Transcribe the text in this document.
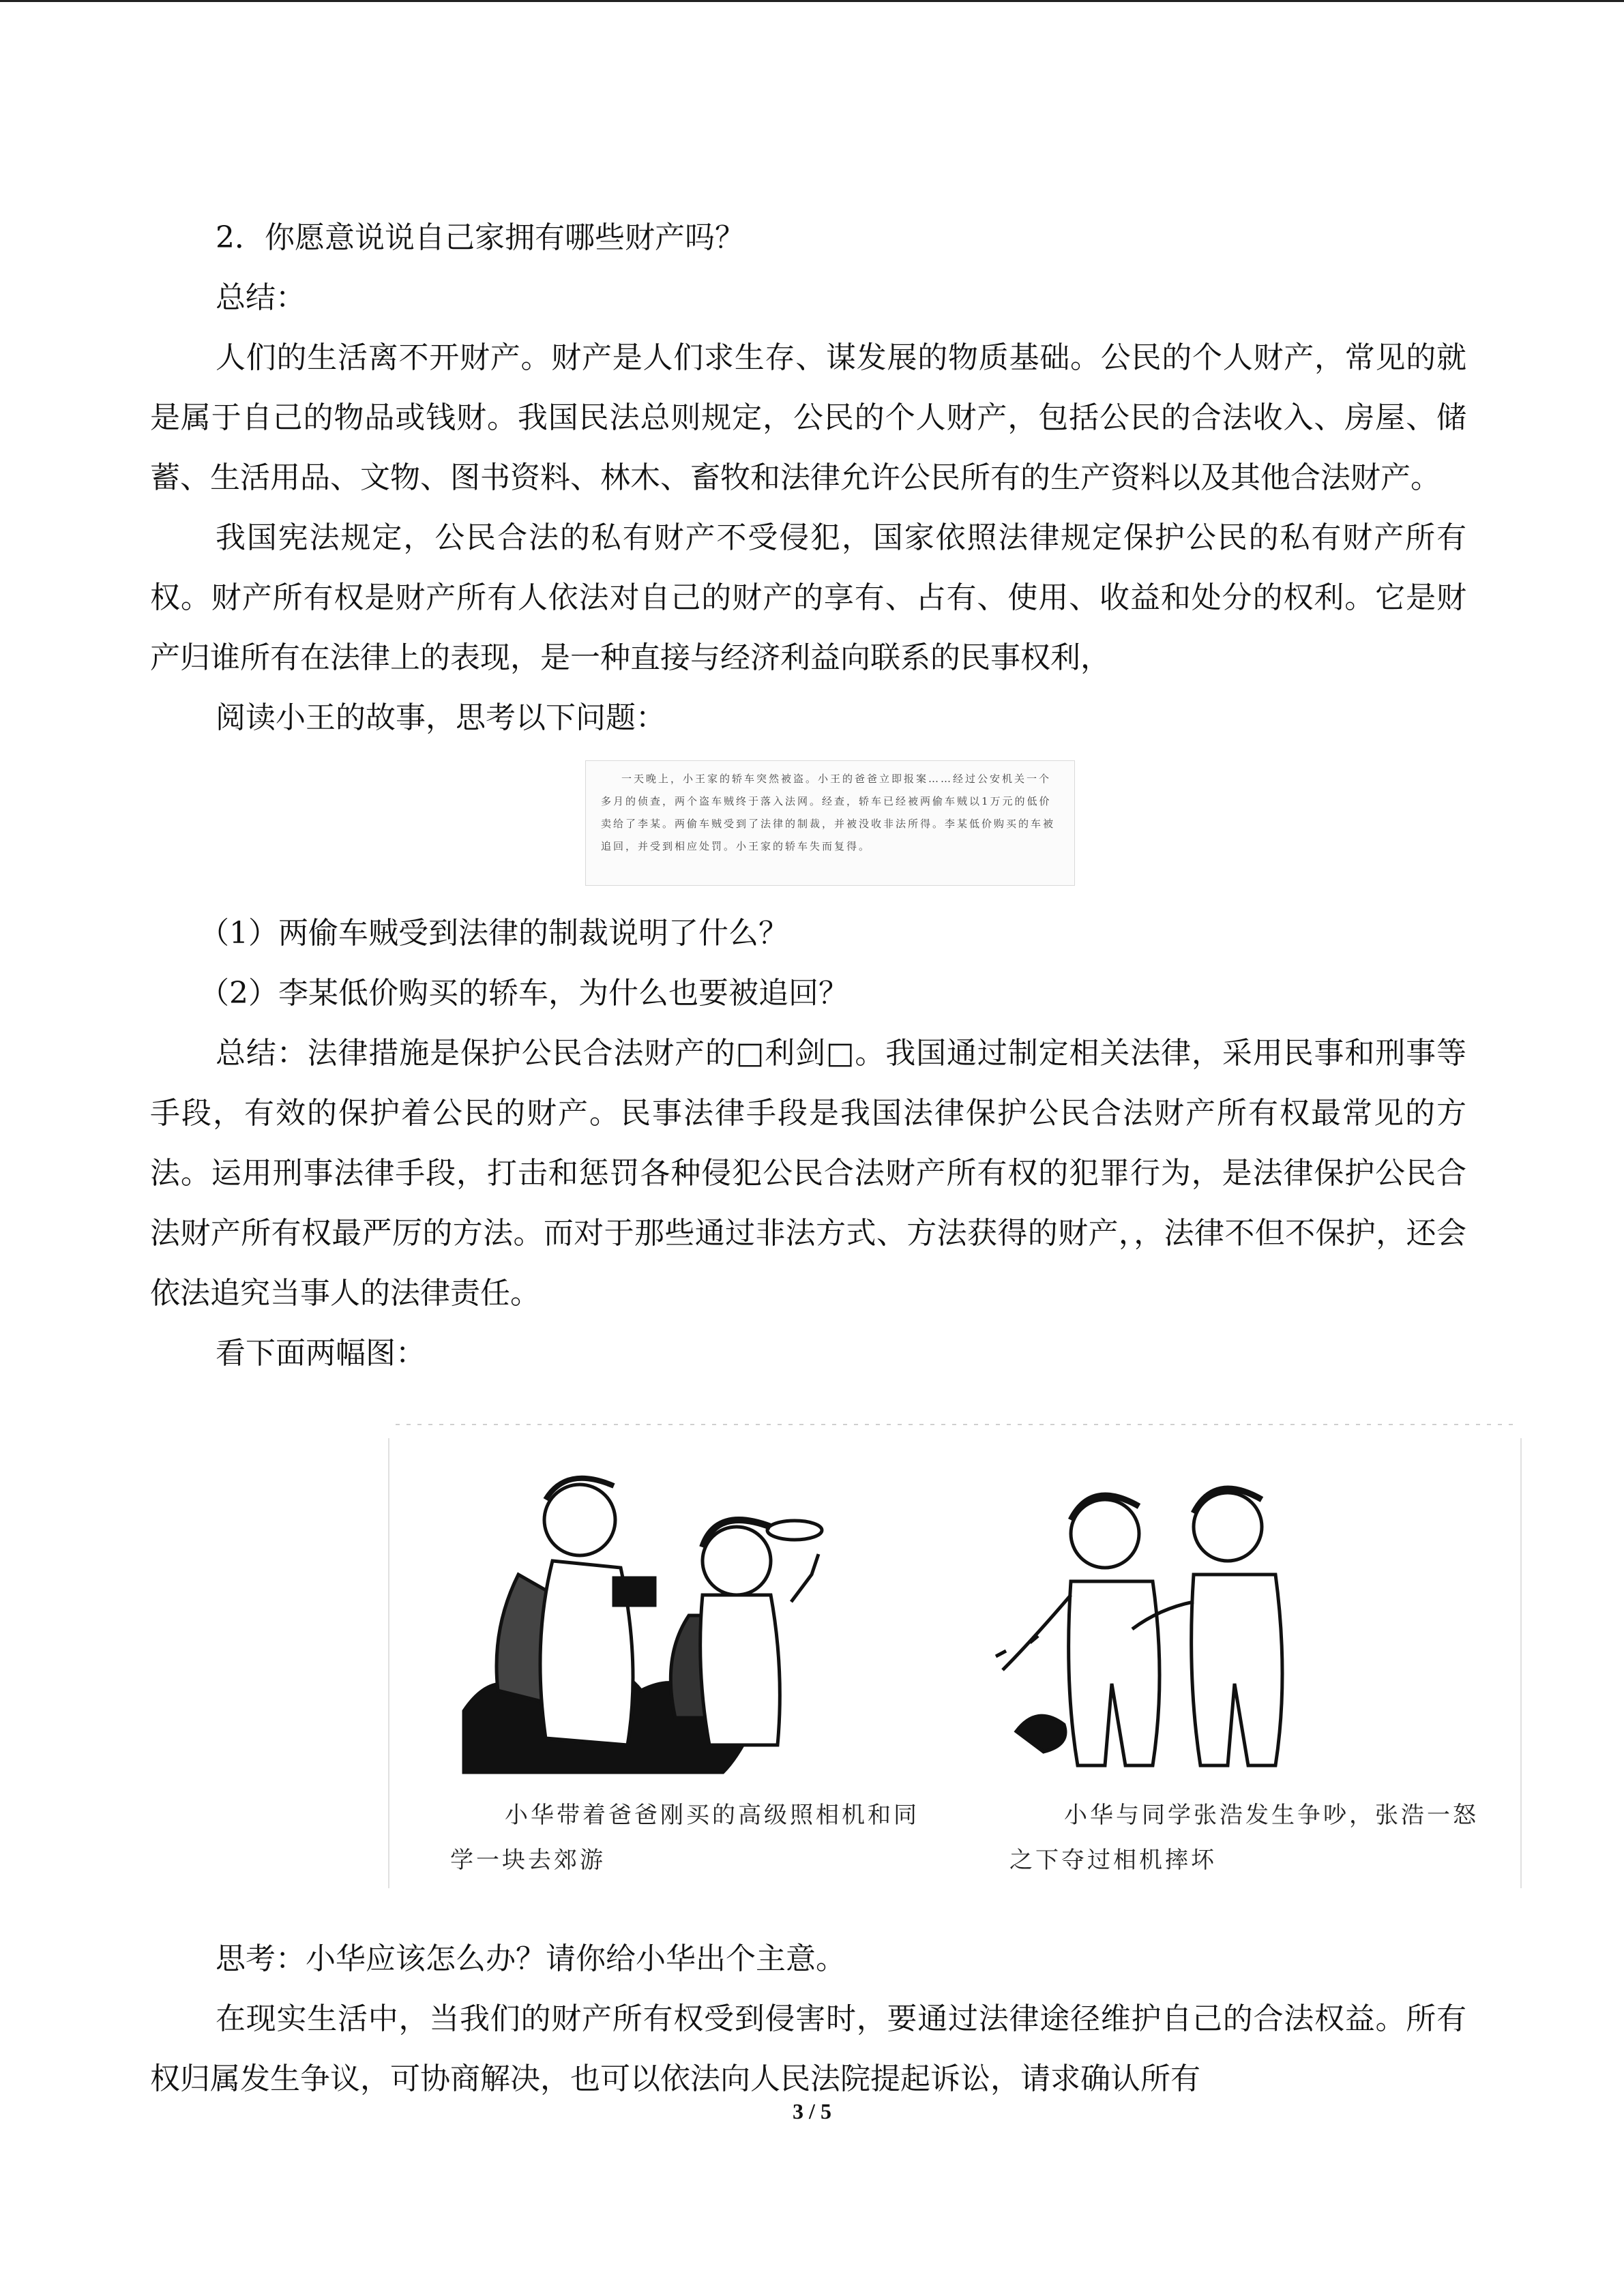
2．你愿意说说自己家拥有哪些财产吗？

总结：

人们的生活离不开财产。财产是人们求生存、谋发展的物质基础。公民的个人财产，常见的就是属于自己的物品或钱财。我国民法总则规定，公民的个人财产，包括公民的合法收入、房屋、储蓄、生活用品、文物、图书资料、林木、畜牧和法律允许公民所有的生产资料以及其他合法财产。

我国宪法规定，公民合法的私有财产不受侵犯，国家依照法律规定保护公民的私有财产所有权。财产所有权是财产所有人依法对自己的财产的享有、占有、使用、收益和处分的权利。它是财产归谁所有在法律上的表现，是一种直接与经济利益向联系的民事权利，

阅读小王的故事，思考以下问题：

一天晚上，小王家的轿车突然被盗。小王的爸爸立即报案……经过公安机关一个多月的侦查，两个盗车贼终于落入法网。经查，轿车已经被两偷车贼以1万元的低价卖给了李某。两偷车贼受到了法律的制裁，并被没收非法所得。李某低价购买的车被追回，并受到相应处罚。小王家的轿车失而复得。

（1）两偷车贼受到法律的制裁说明了什么？

（2）李某低价购买的轿车，为什么也要被追回？

总结：法律措施是保护公民合法财产的□利剑□。我国通过制定相关法律，采用民事和刑事等手段，有效的保护着公民的财产。民事法律手段是我国法律保护公民合法财产所有权最常见的方法。运用刑事法律手段，打击和惩罚各种侵犯公民合法财产所有权的犯罪行为，是法律保护公民合法财产所有权最严厉的方法。而对于那些通过非法方式、方法获得的财产，，法律不但不保护，还会依法追究当事人的法律责任。

看下面两幅图：

小华带着爸爸刚买的高级照相机和同学一块去郊游
小华与同学张浩发生争吵，张浩一怒之下夺过相机摔坏

思考：小华应该怎么办？请你给小华出个主意。

在现实生活中，当我们的财产所有权受到侵害时，要通过法律途径维护自己的合法权益。所有权归属发生争议，可协商解决，也可以依法向人民法院提起诉讼，请求确认所有

3 / 5
